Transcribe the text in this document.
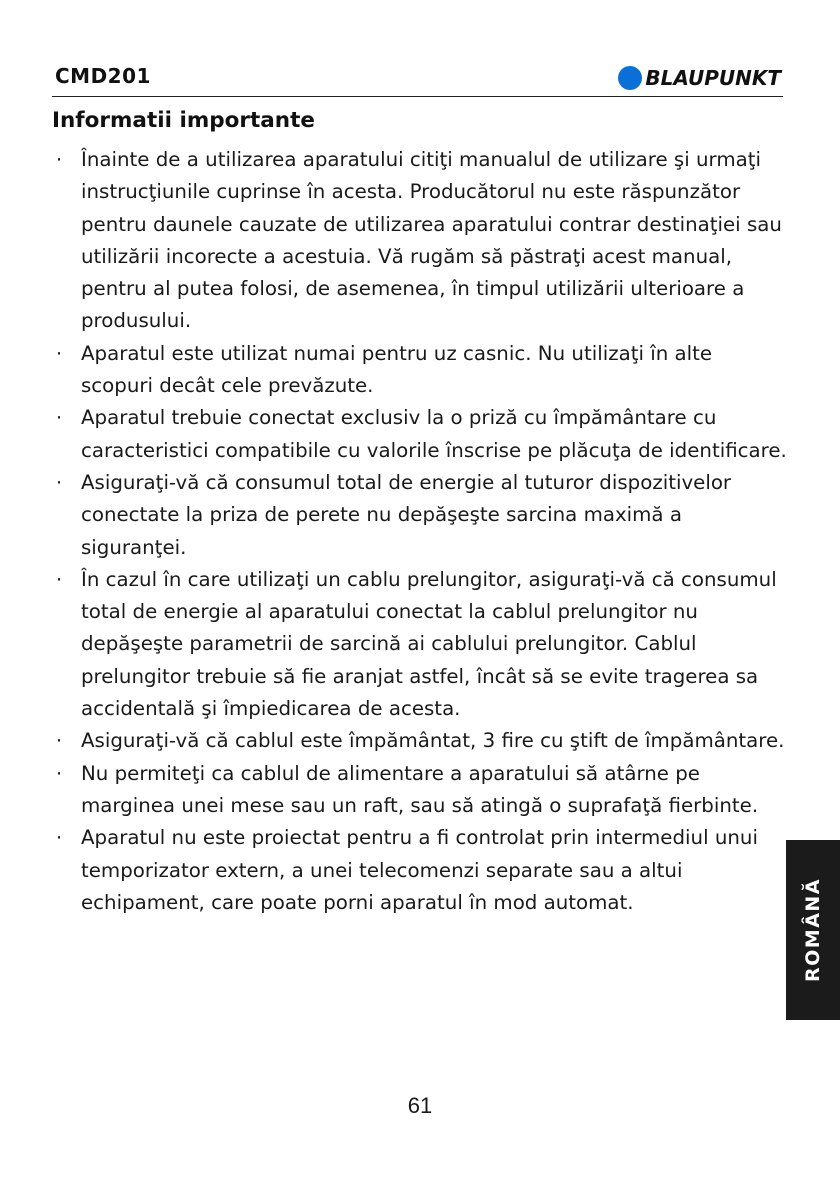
CMD201	BLAUPUNKT
Informatii importante
· Înainte de a utilizarea aparatului citiţi manualul de utilizare şi urmaţi instrucţiunile cuprinse în acesta. Producătorul nu este răspunzător pentru daunele cauzate de utilizarea aparatului contrar destinaţiei sau utilizării incorecte a acestuia. Vă rugăm să păstraţi acest manual, pentru al putea folosi, de asemenea, în timpul utilizării ulterioare a produsului.
· Aparatul este utilizat numai pentru uz casnic. Nu utilizaţi în alte scopuri decât cele prevăzute.
· Aparatul trebuie conectat exclusiv la o priză cu împământare cu caracteristici compatibile cu valorile înscrise pe plăcuţa de identificare.
· Asiguraţi-vă că consumul total de energie al tuturor dispozitivelor conectate la priza de perete nu depăşeşte sarcina maximă a siguranţei.
· În cazul în care utilizaţi un cablu prelungitor, asiguraţi-vă că consumul total de energie al aparatului conectat la cablul prelungitor nu depăşeşte parametrii de sarcină ai cablului prelungitor. Cablul prelungitor trebuie să fie aranjat astfel, încât să se evite tragerea sa accidentală şi împiedicarea de acesta.
· Asiguraţi-vă că cablul este împământat, 3 fire cu ştift de împământare.
· Nu permiteţi ca cablul de alimentare a aparatului să atârne pe marginea unei mese sau un raft, sau să atingă o suprafaţă fierbinte.
· Aparatul nu este proiectat pentru a fi controlat prin intermediul unui temporizator extern, a unei telecomenzi separate sau a altui echipament, care poate porni aparatul în mod automat.	ROMÂNĂ
61
